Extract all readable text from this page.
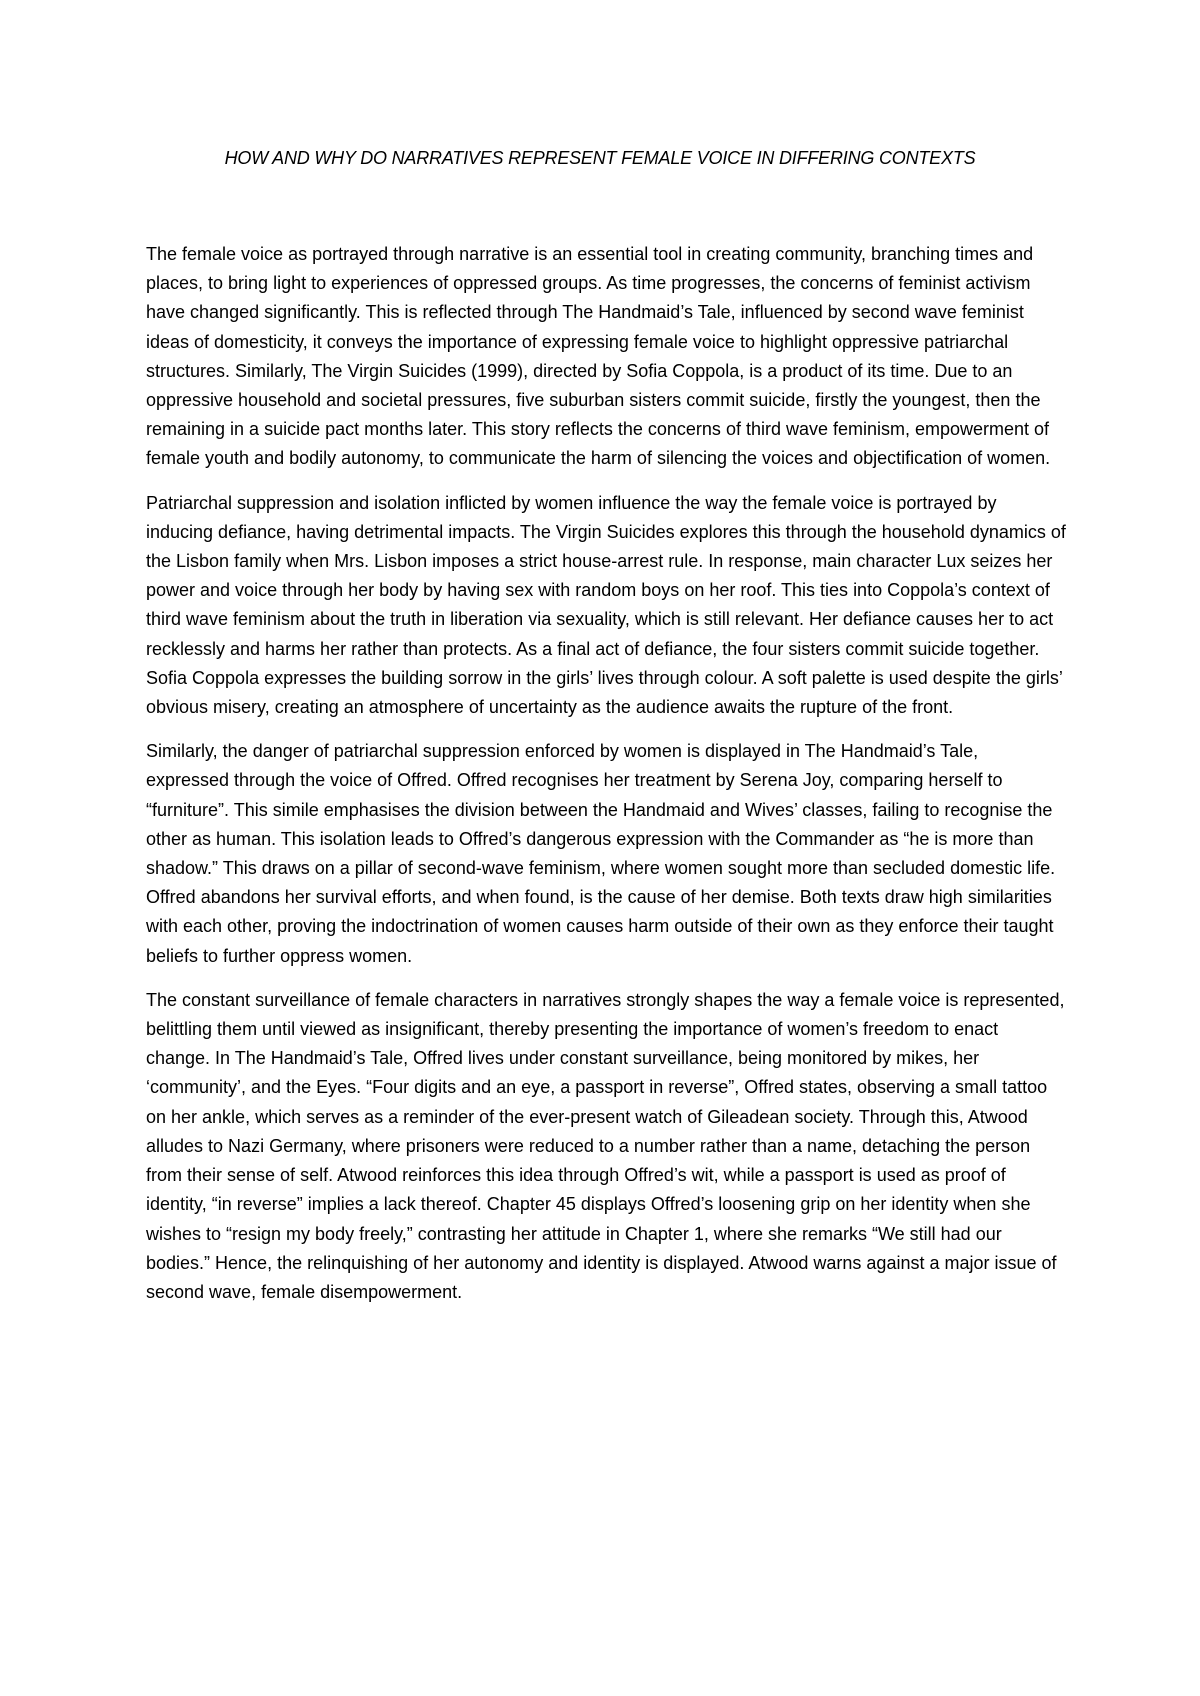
HOW AND WHY DO NARRATIVES REPRESENT FEMALE VOICE IN DIFFERING CONTEXTS

The female voice as portrayed through narrative is an essential tool in creating community, branching times and places, to bring light to experiences of oppressed groups. As time progresses, the concerns of feminist activism have changed significantly. This is reflected through The Handmaid’s Tale, influenced by second wave feminist ideas of domesticity, it conveys the importance of expressing female voice to highlight oppressive patriarchal structures. Similarly, The Virgin Suicides (1999), directed by Sofia Coppola, is a product of its time. Due to an oppressive household and societal pressures, five suburban sisters commit suicide, firstly the youngest, then the remaining in a suicide pact months later. This story reflects the concerns of third wave feminism, empowerment of female youth and bodily autonomy, to communicate the harm of silencing the voices and objectification of women.

Patriarchal suppression and isolation inflicted by women influence the way the female voice is portrayed by inducing defiance, having detrimental impacts. The Virgin Suicides explores this through the household dynamics of the Lisbon family when Mrs. Lisbon imposes a strict house-arrest rule. In response, main character Lux seizes her power and voice through her body by having sex with random boys on her roof. This ties into Coppola’s context of third wave feminism about the truth in liberation via sexuality, which is still relevant. Her defiance causes her to act recklessly and harms her rather than protects. As a final act of defiance, the four sisters commit suicide together. Sofia Coppola expresses the building sorrow in the girls’ lives through colour. A soft palette is used despite the girls’ obvious misery, creating an atmosphere of uncertainty as the audience awaits the rupture of the front.

Similarly, the danger of patriarchal suppression enforced by women is displayed in The Handmaid’s Tale, expressed through the voice of Offred. Offred recognises her treatment by Serena Joy, comparing herself to “furniture”. This simile emphasises the division between the Handmaid and Wives’ classes, failing to recognise the other as human. This isolation leads to Offred’s dangerous expression with the Commander as “he is more than shadow.” This draws on a pillar of second-wave feminism, where women sought more than secluded domestic life. Offred abandons her survival efforts, and when found, is the cause of her demise. Both texts draw high similarities with each other, proving the indoctrination of women causes harm outside of their own as they enforce their taught beliefs to further oppress women.

The constant surveillance of female characters in narratives strongly shapes the way a female voice is represented, belittling them until viewed as insignificant, thereby presenting the importance of women’s freedom to enact change. In The Handmaid’s Tale, Offred lives under constant surveillance, being monitored by mikes, her ‘community’, and the Eyes. “Four digits and an eye, a passport in reverse”, Offred states, observing a small tattoo on her ankle, which serves as a reminder of the ever-present watch of Gileadean society. Through this, Atwood alludes to Nazi Germany, where prisoners were reduced to a number rather than a name, detaching the person from their sense of self. Atwood reinforces this idea through Offred’s wit, while a passport is used as proof of identity, “in reverse” implies a lack thereof. Chapter 45 displays Offred’s loosening grip on her identity when she wishes to “resign my body freely,” contrasting her attitude in Chapter 1, where she remarks “We still had our bodies.” Hence, the relinquishing of her autonomy and identity is displayed. Atwood warns against a major issue of second wave, female disempowerment.
